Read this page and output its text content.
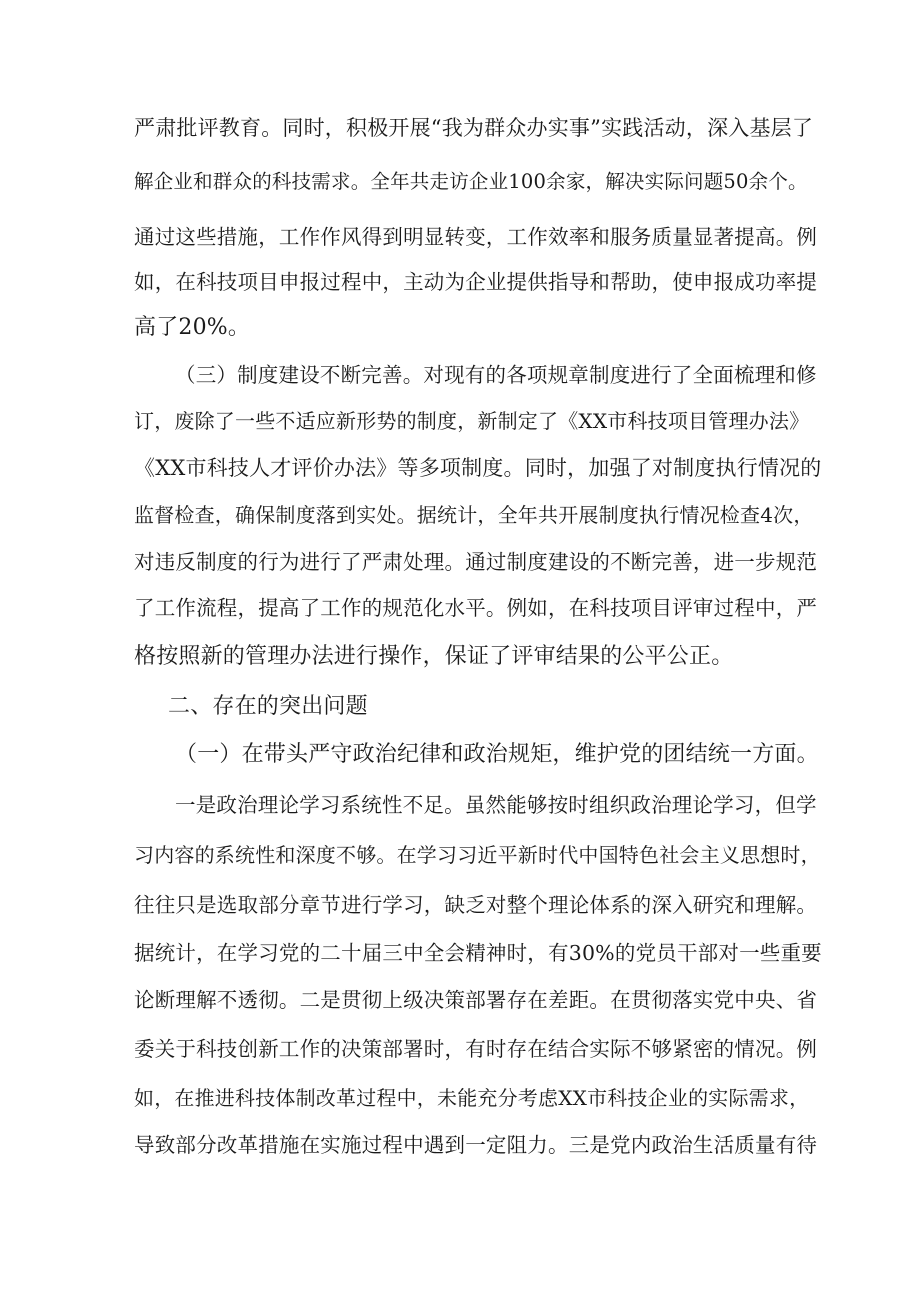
严肃批评教育。同时，积极开展“我为群众办实事”实践活动，深入基层了
解企业和群众的科技需求。全年共走访企业100余家，解决实际问题50余个。
通过这些措施，工作作风得到明显转变，工作效率和服务质量显著提高。例
如，在科技项目申报过程中，主动为企业提供指导和帮助，使申报成功率提
高了20%。
（三）制度建设不断完善。对现有的各项规章制度进行了全面梳理和修
订，废除了一些不适应新形势的制度，新制定了《XX市科技项目管理办法》
《XX市科技人才评价办法》等多项制度。同时，加强了对制度执行情况的
监督检查，确保制度落到实处。据统计，全年共开展制度执行情况检查4次，
对违反制度的行为进行了严肃处理。通过制度建设的不断完善，进一步规范
了工作流程，提高了工作的规范化水平。例如，在科技项目评审过程中，严
格按照新的管理办法进行操作，保证了评审结果的公平公正。
二、存在的突出问题
（一）在带头严守政治纪律和政治规矩，维护党的团结统一方面。
一是政治理论学习系统性不足。虽然能够按时组织政治理论学习，但学
习内容的系统性和深度不够。在学习习近平新时代中国特色社会主义思想时，
往往只是选取部分章节进行学习，缺乏对整个理论体系的深入研究和理解。
据统计，在学习党的二十届三中全会精神时，有30%的党员干部对一些重要
论断理解不透彻。二是贯彻上级决策部署存在差距。在贯彻落实党中央、省
委关于科技创新工作的决策部署时，有时存在结合实际不够紧密的情况。例
如，在推进科技体制改革过程中，未能充分考虑XX市科技企业的实际需求，
导致部分改革措施在实施过程中遇到一定阻力。三是党内政治生活质量有待
